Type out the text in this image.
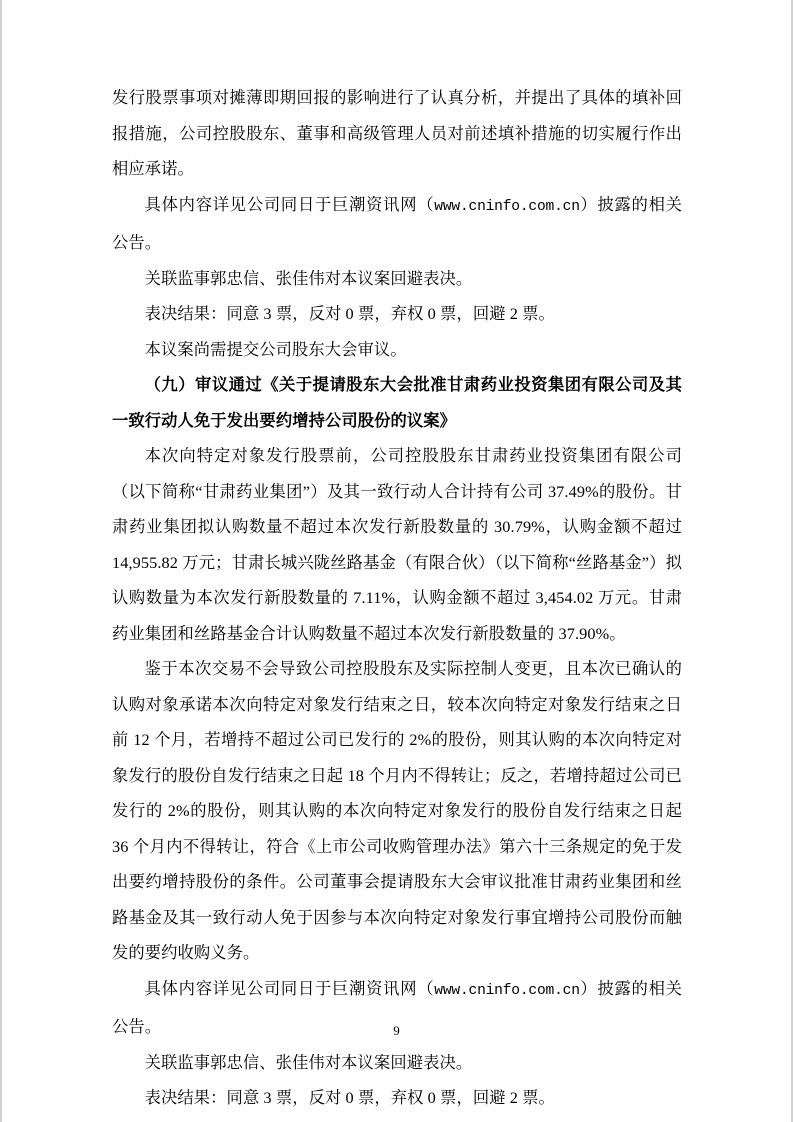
发行股票事项对摊薄即期回报的影响进行了认真分析，并提出了具体的填补回报措施，公司控股股东、董事和高级管理人员对前述填补措施的切实履行作出相应承诺。

具体内容详见公司同日于巨潮资讯网（www.cninfo.com.cn）披露的相关公告。

关联监事郭忠信、张佳伟对本议案回避表决。

表决结果：同意 3 票，反对 0 票，弃权 0 票，回避 2 票。

本议案尚需提交公司股东大会审议。

（九）审议通过《关于提请股东大会批准甘肃药业投资集团有限公司及其一致行动人免于发出要约增持公司股份的议案》

本次向特定对象发行股票前，公司控股股东甘肃药业投资集团有限公司（以下简称“甘肃药业集团”）及其一致行动人合计持有公司 37.49%的股份。甘肃药业集团拟认购数量不超过本次发行新股数量的 30.79%，认购金额不超过 14,955.82 万元；甘肃长城兴陇丝路基金（有限合伙）（以下简称“丝路基金”）拟认购数量为本次发行新股数量的 7.11%，认购金额不超过 3,454.02 万元。甘肃药业集团和丝路基金合计认购数量不超过本次发行新股数量的 37.90%。

鉴于本次交易不会导致公司控股股东及实际控制人变更，且本次已确认的认购对象承诺本次向特定对象发行结束之日，较本次向特定对象发行结束之日前 12 个月，若增持不超过公司已发行的 2%的股份，则其认购的本次向特定对象发行的股份自发行结束之日起 18 个月内不得转让；反之，若增持超过公司已发行的 2%的股份，则其认购的本次向特定对象发行的股份自发行结束之日起 36 个月内不得转让，符合《上市公司收购管理办法》第六十三条规定的免于发出要约增持股份的条件。公司董事会提请股东大会审议批准甘肃药业集团和丝路基金及其一致行动人免于因参与本次向特定对象发行事宜增持公司股份而触发的要约收购义务。

具体内容详见公司同日于巨潮资讯网（www.cninfo.com.cn）披露的相关公告。

关联监事郭忠信、张佳伟对本议案回避表决。

表决结果：同意 3 票，反对 0 票，弃权 0 票，回避 2 票。

9
